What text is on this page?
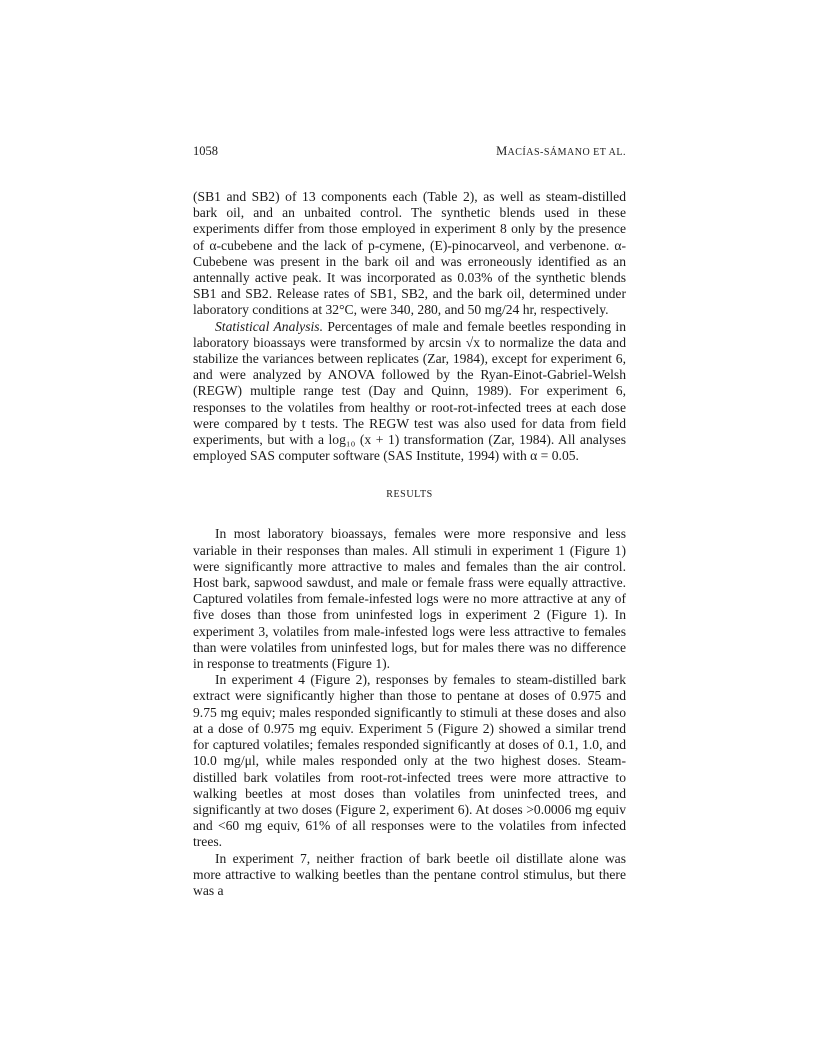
1058	MACÍAS-SÁMANO ET AL.

(SB1 and SB2) of 13 components each (Table 2), as well as steam-distilled bark oil, and an unbaited control. The synthetic blends used in these experiments differ from those employed in experiment 8 only by the presence of α-cubebene and the lack of p-cymene, (E)-pinocarveol, and verbenone. α-Cubebene was present in the bark oil and was erroneously identified as an antennally active peak. It was incorporated as 0.03% of the synthetic blends SB1 and SB2. Release rates of SB1, SB2, and the bark oil, determined under laboratory conditions at 32°C, were 340, 280, and 50 mg/24 hr, respectively.

Statistical Analysis. Percentages of male and female beetles responding in laboratory bioassays were transformed by arcsin √x to normalize the data and stabilize the variances between replicates (Zar, 1984), except for experiment 6, and were analyzed by ANOVA followed by the Ryan-Einot-Gabriel-Welsh (REGW) multiple range test (Day and Quinn, 1989). For experiment 6, responses to the volatiles from healthy or root-rot-infected trees at each dose were compared by t tests. The REGW test was also used for data from field experiments, but with a log₁₀ (x + 1) transformation (Zar, 1984). All analyses employed SAS computer software (SAS Institute, 1994) with α = 0.05.

RESULTS

In most laboratory bioassays, females were more responsive and less variable in their responses than males. All stimuli in experiment 1 (Figure 1) were significantly more attractive to males and females than the air control. Host bark, sapwood sawdust, and male or female frass were equally attractive. Captured volatiles from female-infested logs were no more attractive at any of five doses than those from uninfested logs in experiment 2 (Figure 1). In experiment 3, volatiles from male-infested logs were less attractive to females than were volatiles from uninfested logs, but for males there was no difference in response to treatments (Figure 1).

In experiment 4 (Figure 2), responses by females to steam-distilled bark extract were significantly higher than those to pentane at doses of 0.975 and 9.75 mg equiv; males responded significantly to stimuli at these doses and also at a dose of 0.975 mg equiv. Experiment 5 (Figure 2) showed a similar trend for captured volatiles; females responded significantly at doses of 0.1, 1.0, and 10.0 mg/μl, while males responded only at the two highest doses. Steam-distilled bark volatiles from root-rot-infected trees were more attractive to walking beetles at most doses than volatiles from uninfected trees, and significantly at two doses (Figure 2, experiment 6). At doses >0.0006 mg equiv and <60 mg equiv, 61% of all responses were to the volatiles from infected trees.

In experiment 7, neither fraction of bark beetle oil distillate alone was more attractive to walking beetles than the pentane control stimulus, but there was a
